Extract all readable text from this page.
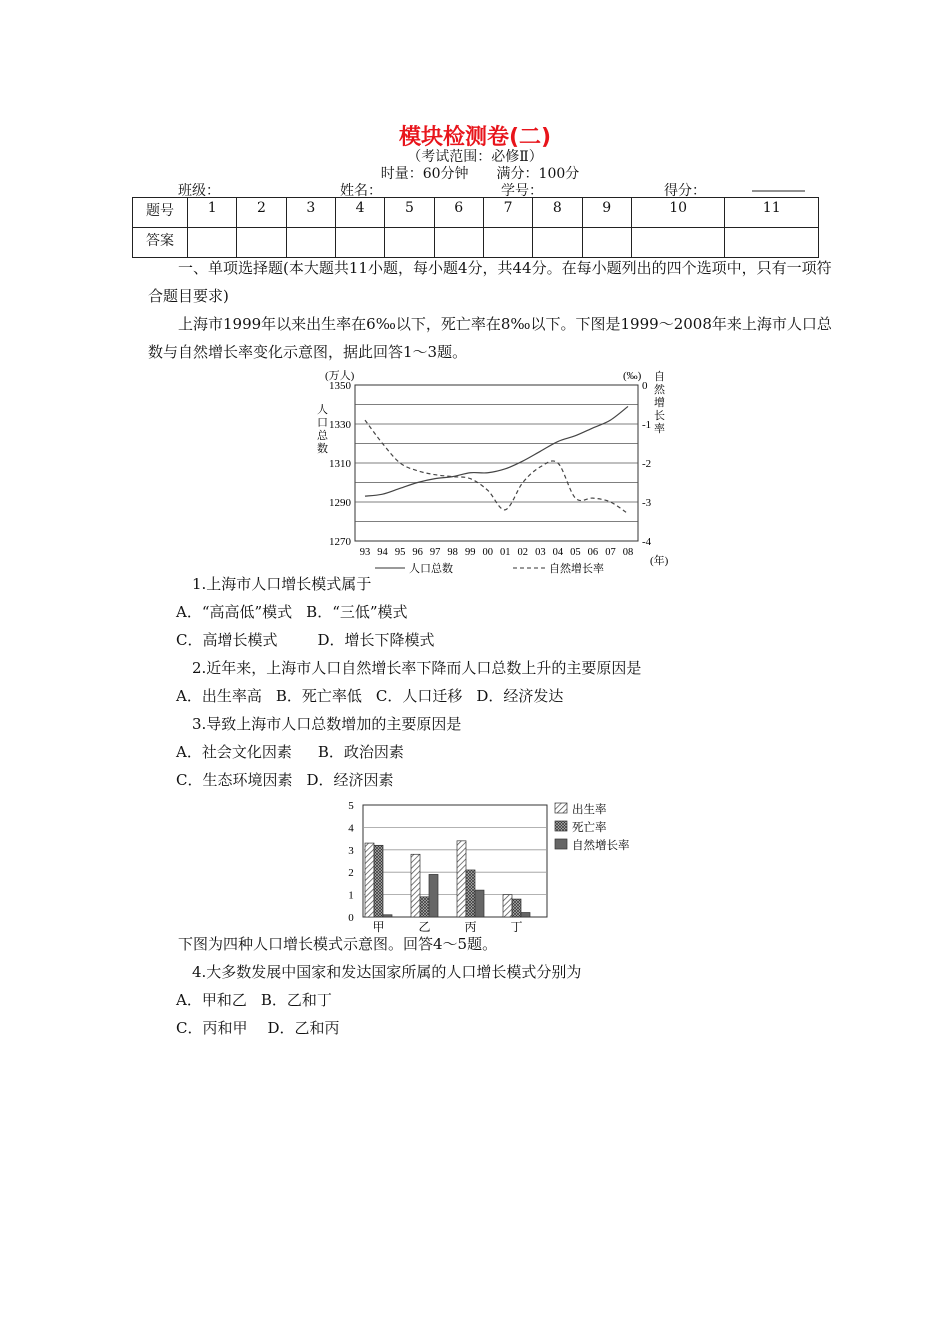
模块检测卷(二)
（考试范围：必修Ⅱ）
时量：60分钟　　满分：100分
班级：	姓名：	学号：	得分：
题号	1	2	3	4	5	6	7	8	9	10	11
答案											
一、单项选择题(本大题共11小题，每小题4分，共44分。在每小题列出的四个选项中，只有一项符合题目要求)
上海市1999年以来出生率在6‰以下，死亡率在8‰以下。下图是1999～2008年来上海市人口总数与自然增长率变化示意图，据此回答1～3题。
1350
1330
1310
1290
1270
0
-1
-2
-3
-4
93 94 95 96 97 98 99 00 01 02 03 04 05 06 07 08
(万人)	(‰)
(年)
人
口
总
数
自
然
增
长
率
人口总数	自然增长率
1.上海市人口增长模式属于
A．“高高低”模式 B．“三低”模式
C．高增长模式	D．增长下降模式
2.近年来，上海市人口自然增长率下降而人口总数上升的主要原因是
A．出生率高 B．死亡率低 C．人口迁移 D．经济发达
3.导致上海市人口总数增加的主要原因是
A．社会文化因素 B．政治因素
C．生态环境因素 D．经济因素
0
1
2
3
4
5
甲	乙	丙	丁
出生率
死亡率
自然增长率
下图为四种人口增长模式示意图。回答4～5题。
4.大多数发展中国家和发达国家所属的人口增长模式分别为
A．甲和乙 B．乙和丁
C．丙和甲 D．乙和丙
